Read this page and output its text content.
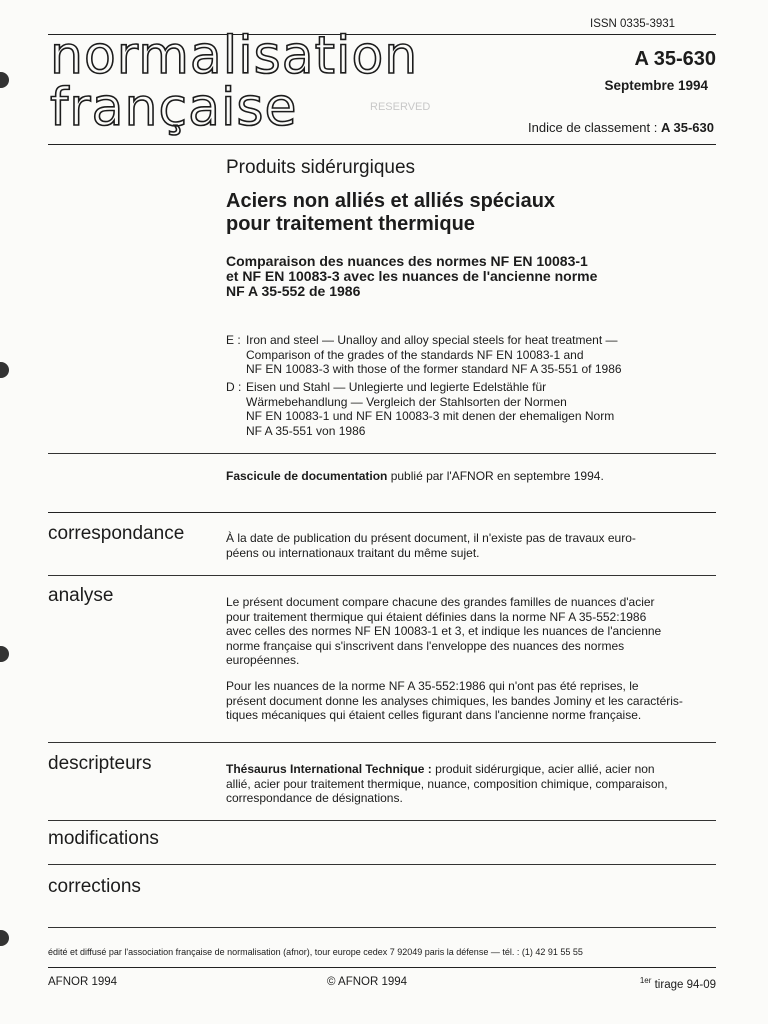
ISSN 0335-3931
normalisation
française
A 35-630
Septembre 1994
RESERVED
Indice de classement : A 35-630
Produits sidérurgiques
Aciers non alliés et alliés spéciaux
pour traitement thermique
Comparaison des nuances des normes NF EN 10083-1
et NF EN 10083-3 avec les nuances de l'ancienne norme
NF A 35-552 de 1986
E : Iron and steel — Unalloy and alloy special steels for heat treatment —
Comparison of the grades of the standards NF EN 10083-1 and
NF EN 10083-3 with those of the former standard NF A 35-551 of 1986
D : Eisen und Stahl — Unlegierte und legierte Edelstähle für
Wärmebehandlung — Vergleich der Stahlsorten der Normen
NF EN 10083-1 und NF EN 10083-3 mit denen der ehemaligen Norm
NF A 35-551 von 1986
Fascicule de documentation publié par l'AFNOR en septembre 1994.
correspondance	À la date de publication du présent document, il n'existe pas de travaux euro-
péens ou internationaux traitant du même sujet.
analyse	Le présent document compare chacune des grandes familles de nuances d'acier
pour traitement thermique qui étaient définies dans la norme NF A 35-552:1986
avec celles des normes NF EN 10083-1 et 3, et indique les nuances de l'ancienne
norme française qui s'inscrivent dans l'enveloppe des nuances des normes
européennes.
Pour les nuances de la norme NF A 35-552:1986 qui n'ont pas été reprises, le
présent document donne les analyses chimiques, les bandes Jominy et les caractéris-
tiques mécaniques qui étaient celles figurant dans l'ancienne norme française.
descripteurs	Thésaurus International Technique : produit sidérurgique, acier allié, acier non
allié, acier pour traitement thermique, nuance, composition chimique, comparaison,
correspondance de désignations.
modifications
corrections
édité et diffusé par l'association française de normalisation (afnor), tour europe cedex 7 92049 paris la défense — tél. : (1) 42 91 55 55
AFNOR 1994	© AFNOR 1994	$^{1er}$ tirage 94-09
